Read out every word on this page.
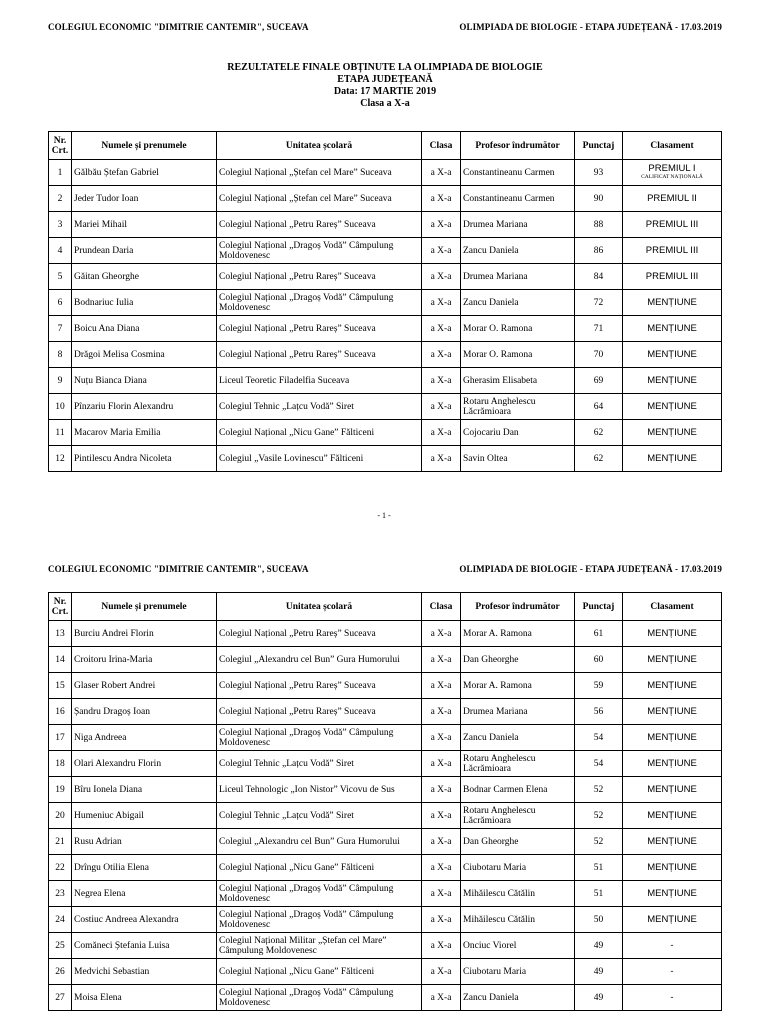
COLEGIUL ECONOMIC "DIMITRIE CANTEMIR", SUCEAVA	OLIMPIADA DE BIOLOGIE - ETAPA JUDEȚEANĂ - 17.03.2019
REZULTATELE FINALE OBȚINUTE LA OLIMPIADA DE BIOLOGIE
ETAPA JUDEȚEANĂ
Data: 17 MARTIE 2019
Clasa a X-a
Nr. Crt.	Numele și prenumele	Unitatea școlară	Clasa	Profesor îndrumător	Punctaj	Clasament
1	Gălbău Ștefan Gabriel	Colegiul Național „Ștefan cel Mare” Suceava	a X-a	Constantineanu Carmen	93	PREMIUL I
CALIFICAT NAȚIONALĂ

2	Jeder Tudor Ioan	Colegiul Național „Ștefan cel Mare” Suceava	a X-a	Constantineanu Carmen	90	PREMIUL II
3	Mariei Mihail	Colegiul Național „Petru Rareș” Suceava	a X-a	Drumea Mariana	88	PREMIUL III
4	Prundean Daria	Colegiul Național „Dragoș Vodă” Câmpulung Moldovenesc	a X-a	Zancu Daniela	86	PREMIUL III
5	Găitan Gheorghe	Colegiul Național „Petru Rareș” Suceava	a X-a	Drumea Mariana	84	PREMIUL III
6	Bodnariuc Iulia	Colegiul Național „Dragoș Vodă” Câmpulung Moldovenesc	a X-a	Zancu Daniela	72	MENȚIUNE
7	Boicu Ana Diana	Colegiul Național „Petru Rareș” Suceava	a X-a	Morar O. Ramona	71	MENȚIUNE
8	Drăgoi Melisa Cosmina	Colegiul Național „Petru Rareș” Suceava	a X-a	Morar O. Ramona	70	MENȚIUNE
9	Nuțu Bianca Diana	Liceul Teoretic Filadelfia Suceava	a X-a	Gherasim Elisabeta	69	MENȚIUNE
10	Pînzariu Florin Alexandru	Colegiul Tehnic „Lațcu Vodă” Siret	a X-a	Rotaru Anghelescu Lăcrămioara	64	MENȚIUNE
11	Macarov Maria Emilia	Colegiul Național „Nicu Gane” Fălticeni	a X-a	Cojocariu Dan	62	MENȚIUNE
12	Pintilescu Andra Nicoleta	Colegiul „Vasile Lovinescu” Fălticeni	a X-a	Savin Oltea	62	MENȚIUNE
- 1 -
COLEGIUL ECONOMIC "DIMITRIE CANTEMIR", SUCEAVA	OLIMPIADA DE BIOLOGIE - ETAPA JUDEȚEANĂ - 17.03.2019
Nr. Crt.	Numele și prenumele	Unitatea școlară	Clasa	Profesor îndrumător	Punctaj	Clasament
13	Burciu Andrei Florin	Colegiul Național „Petru Rareș” Suceava	a X-a	Morar A. Ramona	61	MENȚIUNE
14	Croitoru Irina-Maria	Colegiul „Alexandru cel Bun” Gura Humorului	a X-a	Dan Gheorghe	60	MENȚIUNE
15	Glaser Robert Andrei	Colegiul Național „Petru Rareș” Suceava	a X-a	Morar A. Ramona	59	MENȚIUNE
16	Șandru Dragoș Ioan	Colegiul Național „Petru Rareș” Suceava	a X-a	Drumea Mariana	56	MENȚIUNE
17	Niga Andreea	Colegiul Național „Dragoș Vodă” Câmpulung Moldovenesc	a X-a	Zancu Daniela	54	MENȚIUNE
18	Olari Alexandru Florin	Colegiul Tehnic „Lațcu Vodă” Siret	a X-a	Rotaru Anghelescu Lăcrămioara	54	MENȚIUNE
19	Bîru Ionela Diana	Liceul Tehnologic „Ion Nistor” Vicovu de Sus	a X-a	Bodnar Carmen Elena	52	MENȚIUNE
20	Humeniuc Abigail	Colegiul Tehnic „Lațcu Vodă” Siret	a X-a	Rotaru Anghelescu Lăcrămioara	52	MENȚIUNE
21	Rusu Adrian	Colegiul „Alexandru cel Bun” Gura Humorului	a X-a	Dan Gheorghe	52	MENȚIUNE
22	Drîngu Otilia Elena	Colegiul Național „Nicu Gane” Fălticeni	a X-a	Ciubotaru Maria	51	MENȚIUNE
23	Negrea Elena	Colegiul Național „Dragoș Vodă” Câmpulung Moldovenesc	a X-a	Mihăilescu Cătălin	51	MENȚIUNE
24	Costiuc Andreea Alexandra	Colegiul Național „Dragoș Vodă” Câmpulung Moldovenesc	a X-a	Mihăilescu Cătălin	50	MENȚIUNE
25	Comăneci Ștefania Luisa	Colegiul Național Militar „Ștefan cel Mare” Câmpulung Moldovenesc	a X-a	Onciuc Viorel	49	-
26	Medvichi Sebastian	Colegiul Național „Nicu Gane” Fălticeni	a X-a	Ciubotaru Maria	49	-
27	Moisa Elena	Colegiul Național „Dragoș Vodă” Câmpulung Moldovenesc	a X-a	Zancu Daniela	49	-
